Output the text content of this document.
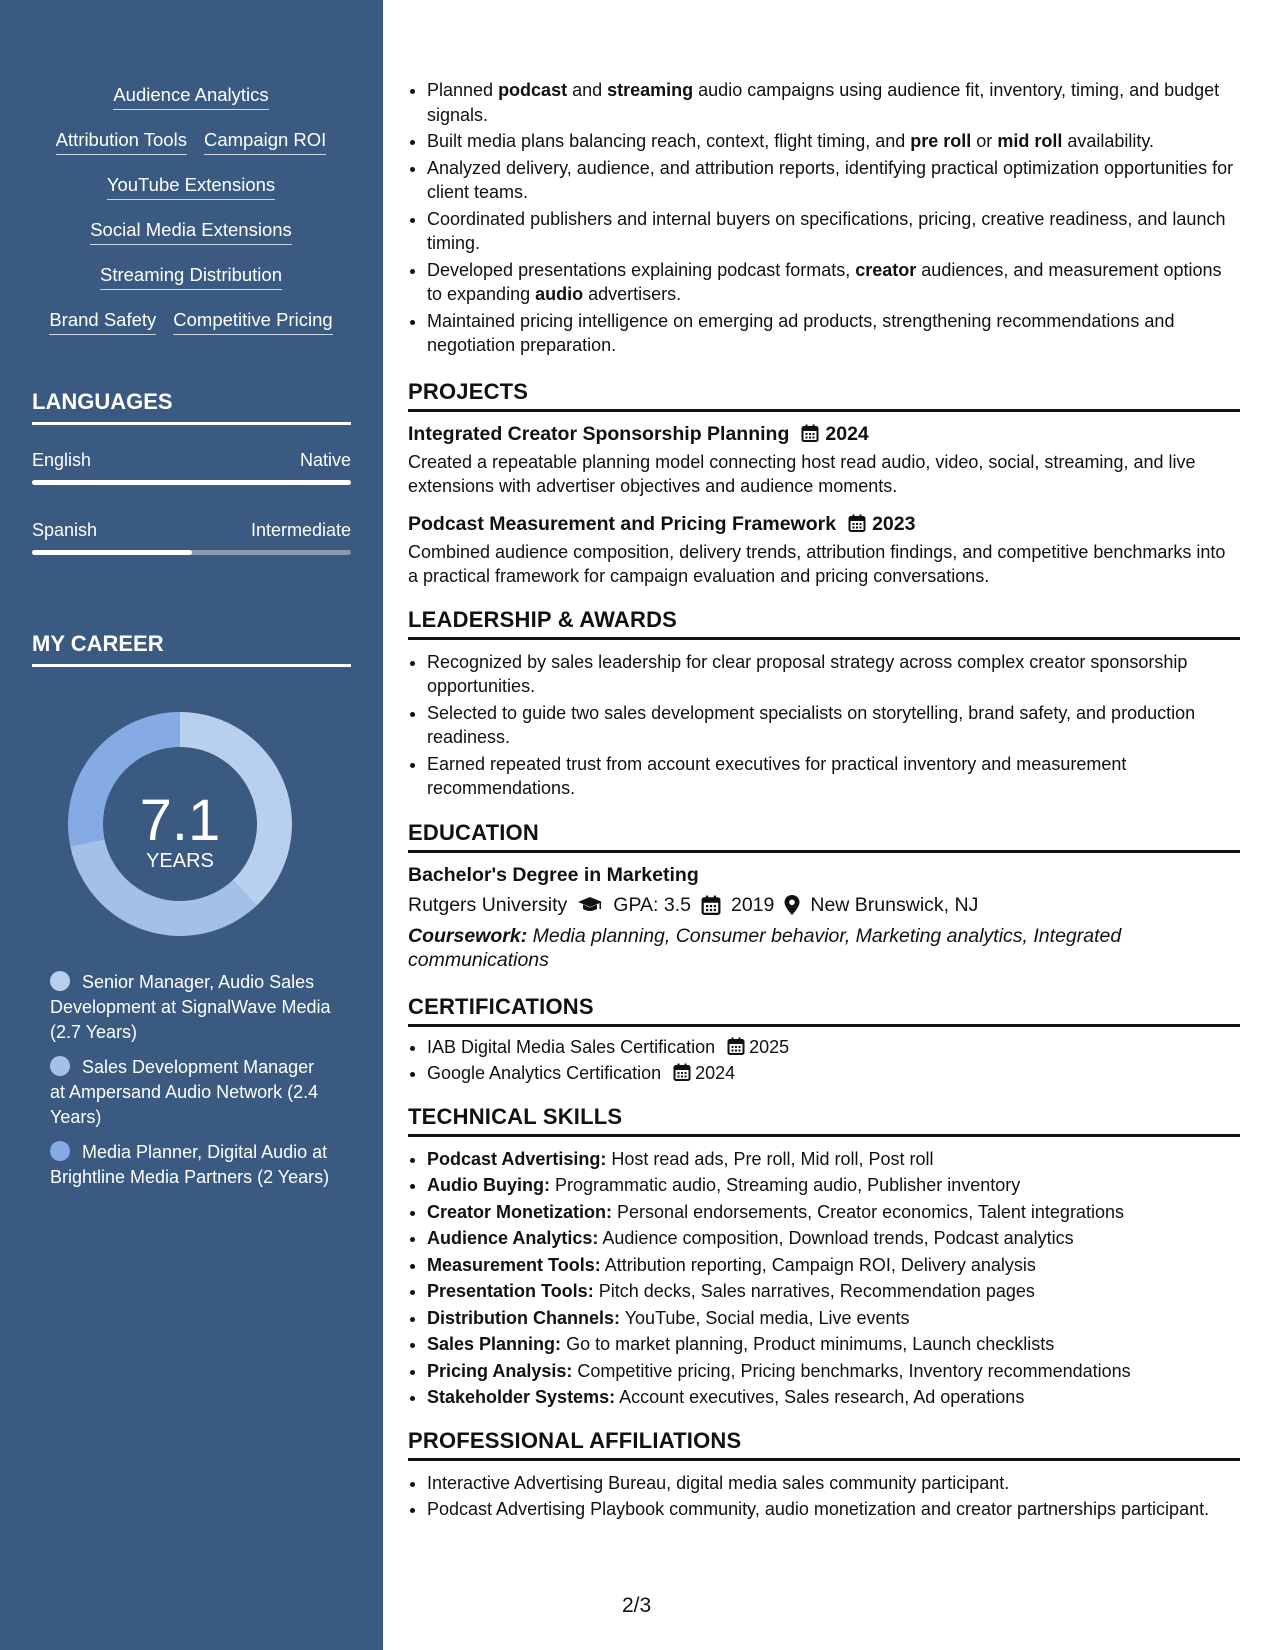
Audience Analytics
Attribution Tools Campaign ROI
YouTube Extensions
Social Media Extensions
Streaming Distribution
Brand Safety Competitive Pricing
LANGUAGES
English	Native
Spanish	Intermediate
MY CAREER
7.1
YEARS
Senior Manager, Audio Sales Development at SignalWave Media (2.7 Years)
Sales Development Manager at Ampersand Audio Network (2.4 Years)
Media Planner, Digital Audio at Brightline Media Partners (2 Years)
• Planned podcast and streaming audio campaigns using audience fit, inventory, timing, and budget signals.
• Built media plans balancing reach, context, flight timing, and pre roll or mid roll availability.
• Analyzed delivery, audience, and attribution reports, identifying practical optimization opportunities for client teams.
• Coordinated publishers and internal buyers on specifications, pricing, creative readiness, and launch timing.
• Developed presentations explaining podcast formats, creator audiences, and measurement options to expanding audio advertisers.
• Maintained pricing intelligence on emerging ad products, strengthening recommendations and negotiation preparation.
PROJECTS
Integrated Creator Sponsorship Planning 2024

Created a repeatable planning model connecting host read audio, video, social, streaming, and live extensions with advertiser objectives and audience moments.

Podcast Measurement and Pricing Framework 2023

Combined audience composition, delivery trends, attribution findings, and competitive benchmarks into a practical framework for campaign evaluation and pricing conversations.

LEADERSHIP & AWARDS
• Recognized by sales leadership for clear proposal strategy across complex creator sponsorship opportunities.
• Selected to guide two sales development specialists on storytelling, brand safety, and production readiness.
• Earned repeated trust from account executives for practical inventory and measurement recommendations.
EDUCATION
Bachelor's Degree in Marketing
Rutgers University GPA: 3.5 2019 New Brunswick, NJ
Coursework: Media planning, Consumer behavior, Marketing analytics, Integrated communications
CERTIFICATIONS
• IAB Digital Media Sales Certification 2025
• Google Analytics Certification 2024
TECHNICAL SKILLS
• Podcast Advertising: Host read ads, Pre roll, Mid roll, Post roll
• Audio Buying: Programmatic audio, Streaming audio, Publisher inventory
• Creator Monetization: Personal endorsements, Creator economics, Talent integrations
• Audience Analytics: Audience composition, Download trends, Podcast analytics
• Measurement Tools: Attribution reporting, Campaign ROI, Delivery analysis
• Presentation Tools: Pitch decks, Sales narratives, Recommendation pages
• Distribution Channels: YouTube, Social media, Live events
• Sales Planning: Go to market planning, Product minimums, Launch checklists
• Pricing Analysis: Competitive pricing, Pricing benchmarks, Inventory recommendations
• Stakeholder Systems: Account executives, Sales research, Ad operations
PROFESSIONAL AFFILIATIONS
• Interactive Advertising Bureau, digital media sales community participant.
• Podcast Advertising Playbook community, audio monetization and creator partnerships participant.
2/3
